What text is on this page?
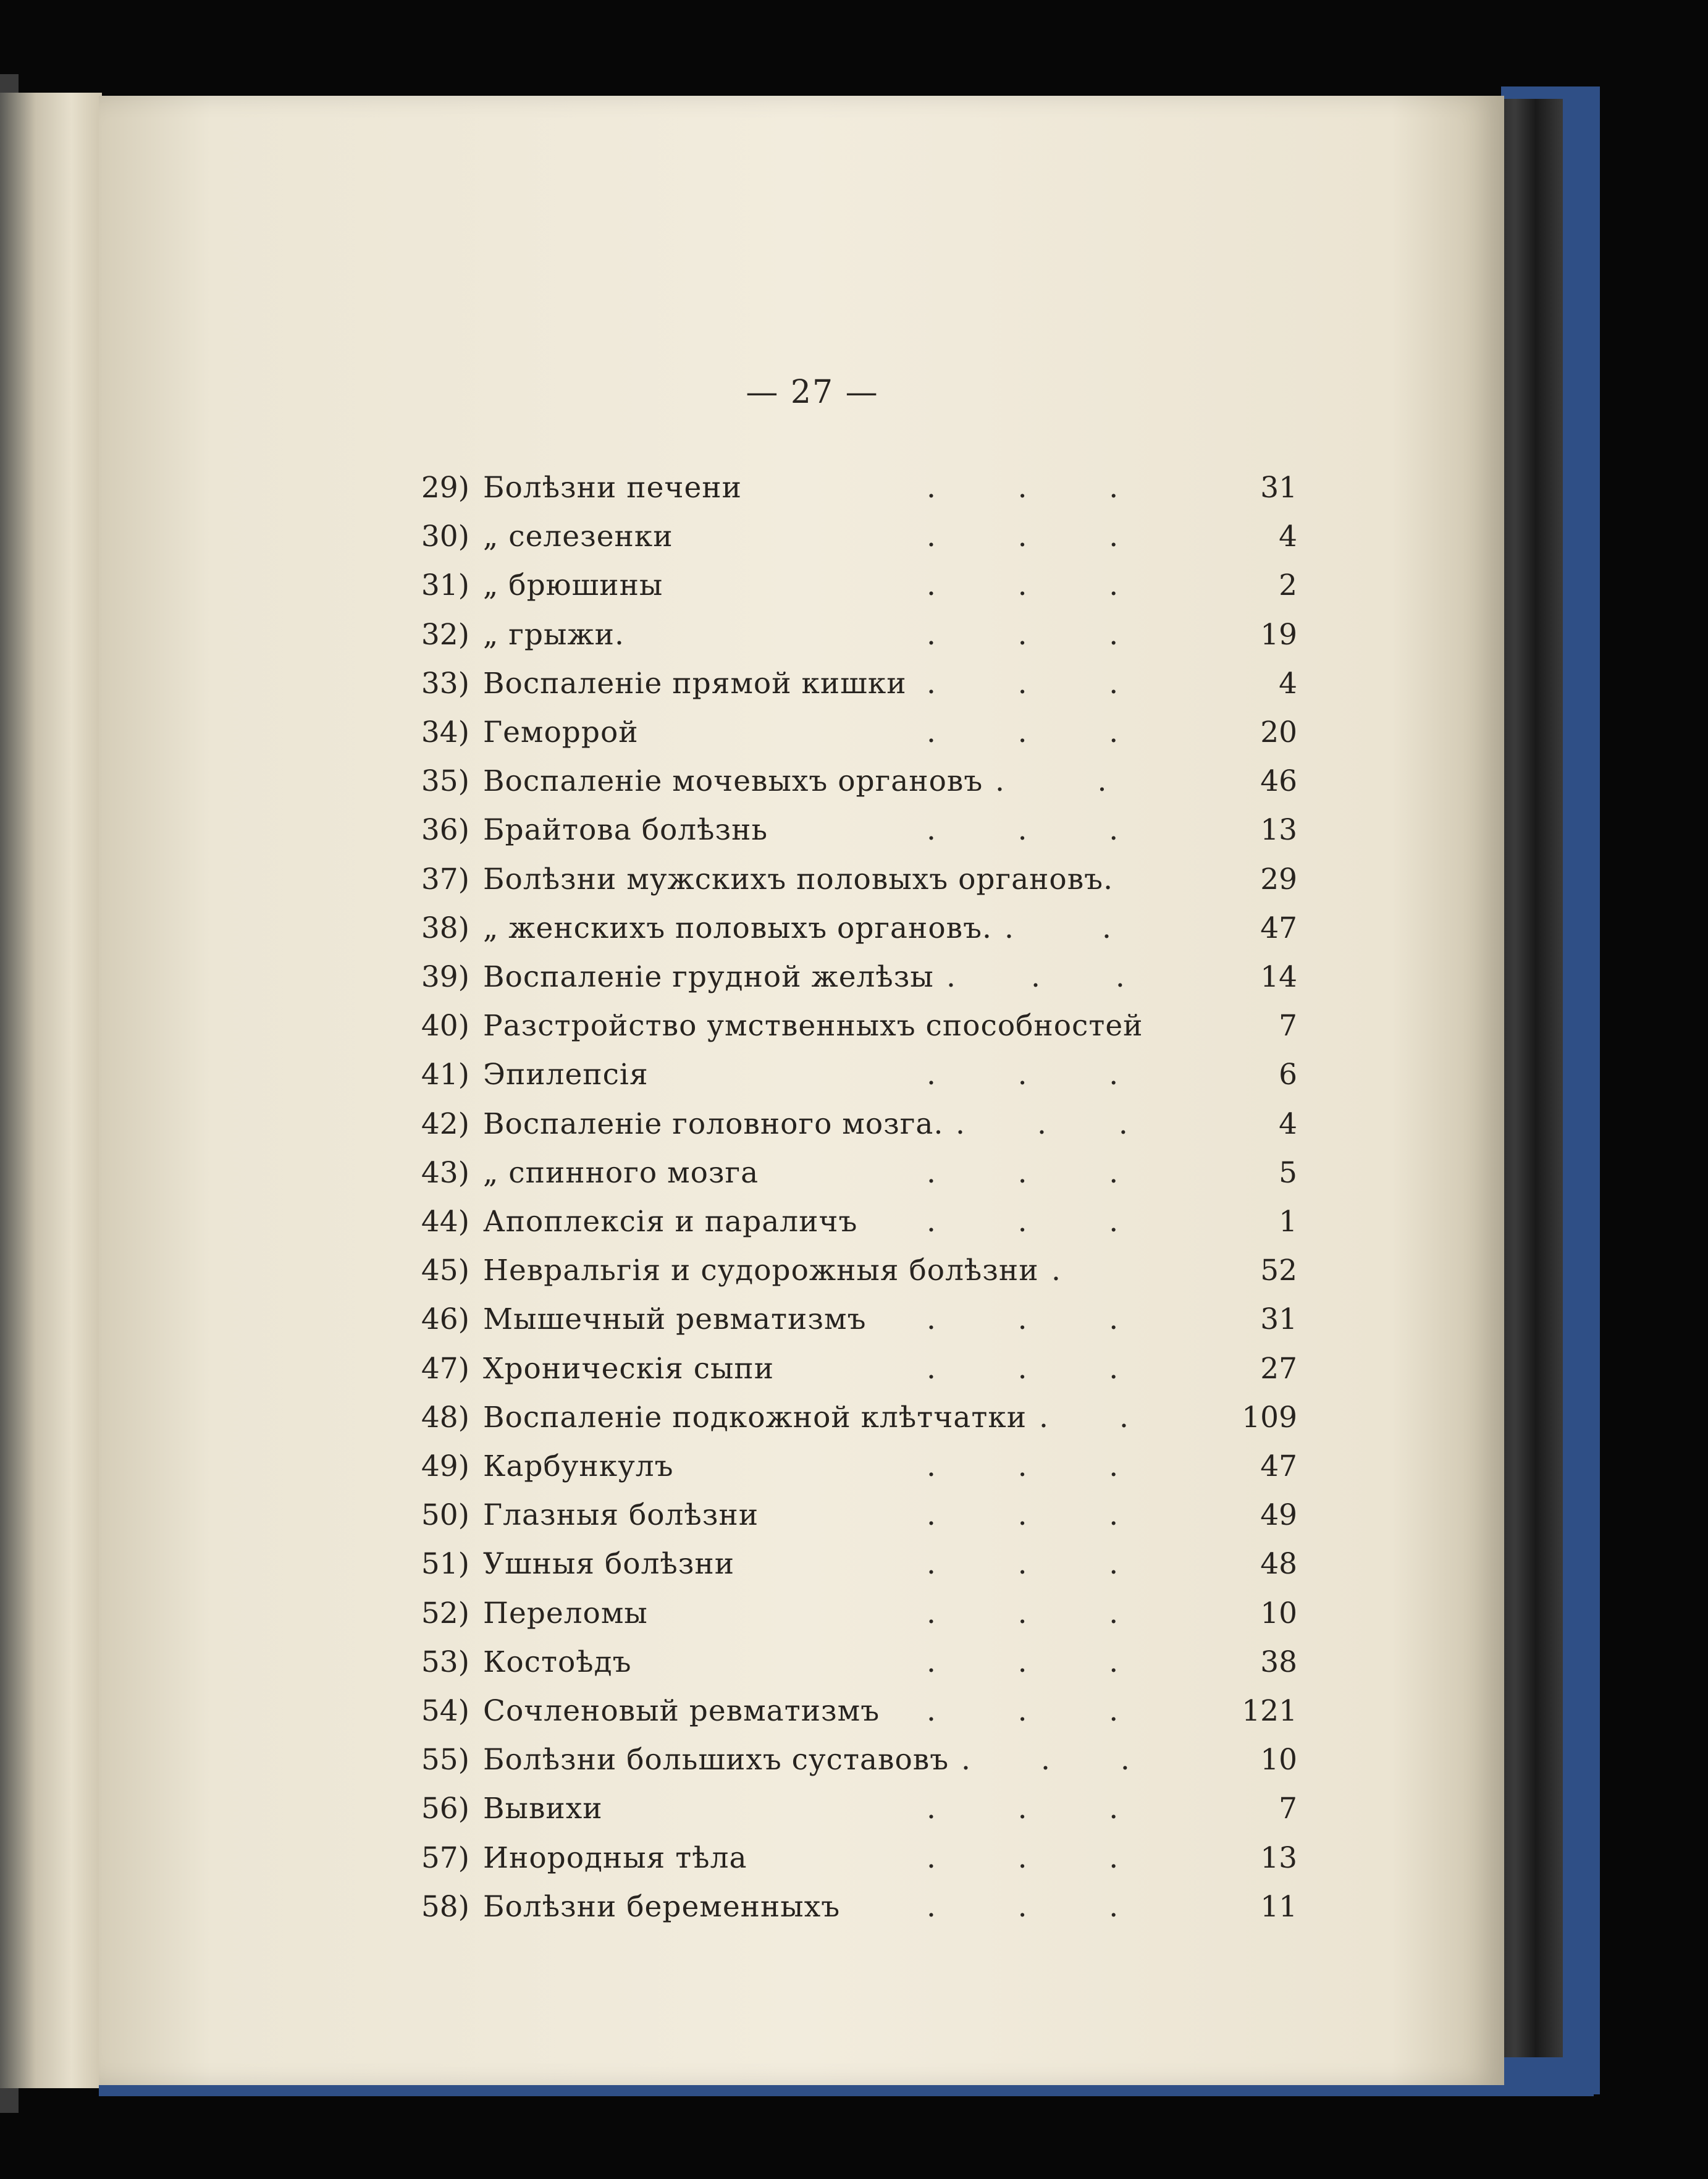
— 27 —
29) Болѣзни печени	...	31
30) „ селезенки	...	4
31) „ брюшины	...	2
32) „ грыжи.	...	19
33) Воспаленіе прямой кишки ...	4
34) Геморрой	...	20
35) Воспаленіе мочевыхъ органовъ ..	46
36) Брайтова болѣзнь	...	13
37) Болѣзни мужскихъ половыхъ органовъ.	29
38) „ женскихъ половыхъ органовъ. ..	47
39) Воспаленіе грудной желѣзы ...	14
40) Разстройство умственныхъ способностей	7
41) Эпилепсія	...	6
42) Воспаленіе головного мозга. ...	4
43) „ спинного мозга	...	5
44) Апоплексія и параличъ ...	1
45) Невральгія и судорожныя болѣзни .	52
46) Мышечный ревматизмъ ...	31
47) Хроническія сыпи	...	27
48) Воспаленіе подкожной клѣтчатки ..	109
49) Карбункулъ	...	47
50) Глазныя болѣзни	...	49
51) Ушныя болѣзни	...	48
52) Переломы	...	10
53) Костоѣдъ	...	38
54) Сочленовый ревматизмъ ...	121
55) Болѣзни большихъ суставовъ ...	10
56) Вывихи	...	7
57) Инородныя тѣла	...	13
58) Болѣзни беременныхъ	...	11
